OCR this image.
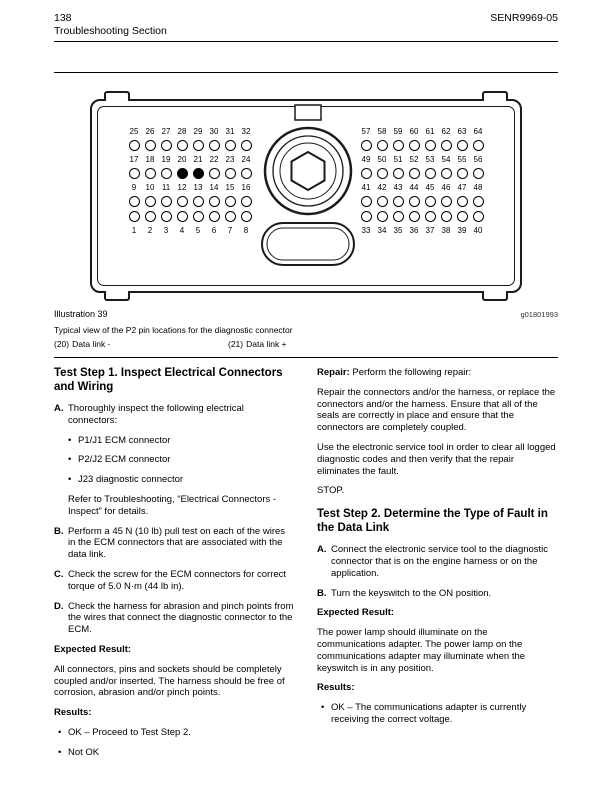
138	SENR9969-05
Troubleshooting Section
25 26 27 28 29 30 31 32
17 18 19 20 21 22 23 24
9	10 11 12 13 14 15 16
1	2	3	4	5	6	7	8
57 58 59 60 61 62 63 64
49 50 51 52 53 54 55 56
41 42 43 44 45 46 47 48
33 34 35 36 37 38 39 40
Illustration 39	g01801993
Typical view of the P2 pin locations for the diagnostic connector
(20) Data link -	(21) Data link +
Test Step 1. Inspect Electrical Connectors and Wiring
A. Thoroughly inspect the following electrical connectors:
• P1/J1 ECM connector
• P2/J2 ECM connector
• J23 diagnostic connector

Refer to Troubleshooting, “Electrical Connectors - Inspect” for details.

B. Perform a 45 N (10 lb) pull test on each of the wires in the ECM connectors that are associated with the data link.
C. Check the screw for the ECM connectors for correct torque of 5.0 N·m (44 lb in).
D. Check the harness for abrasion and pinch points from the wires that connect the diagnostic connector to the ECM.

Expected Result:

All connectors, pins and sockets should be completely coupled and/or inserted. The harness should be free of corrosion, abrasion and/or pinch points.

Results:

• OK – Proceed to Test Step 2.
• Not OK

Repair: Perform the following repair:

Repair the connectors and/or the harness, or replace the connectors and/or the harness. Ensure that all of the seals are correctly in place and ensure that the connectors are completely coupled.

Use the electronic service tool in order to clear all logged diagnostic codes and then verify that the repair eliminates the fault.

STOP.

Test Step 2. Determine the Type of Fault in the Data Link
A. Connect the electronic service tool to the diagnostic connector that is on the engine harness or on the application.
B. Turn the keyswitch to the ON position.

Expected Result:

The power lamp should illuminate on the communications adapter. The power lamp on the communications adapter may illuminate when the keyswitch is in any position.

Results:

• OK – The communications adapter is currently receiving the correct voltage.
